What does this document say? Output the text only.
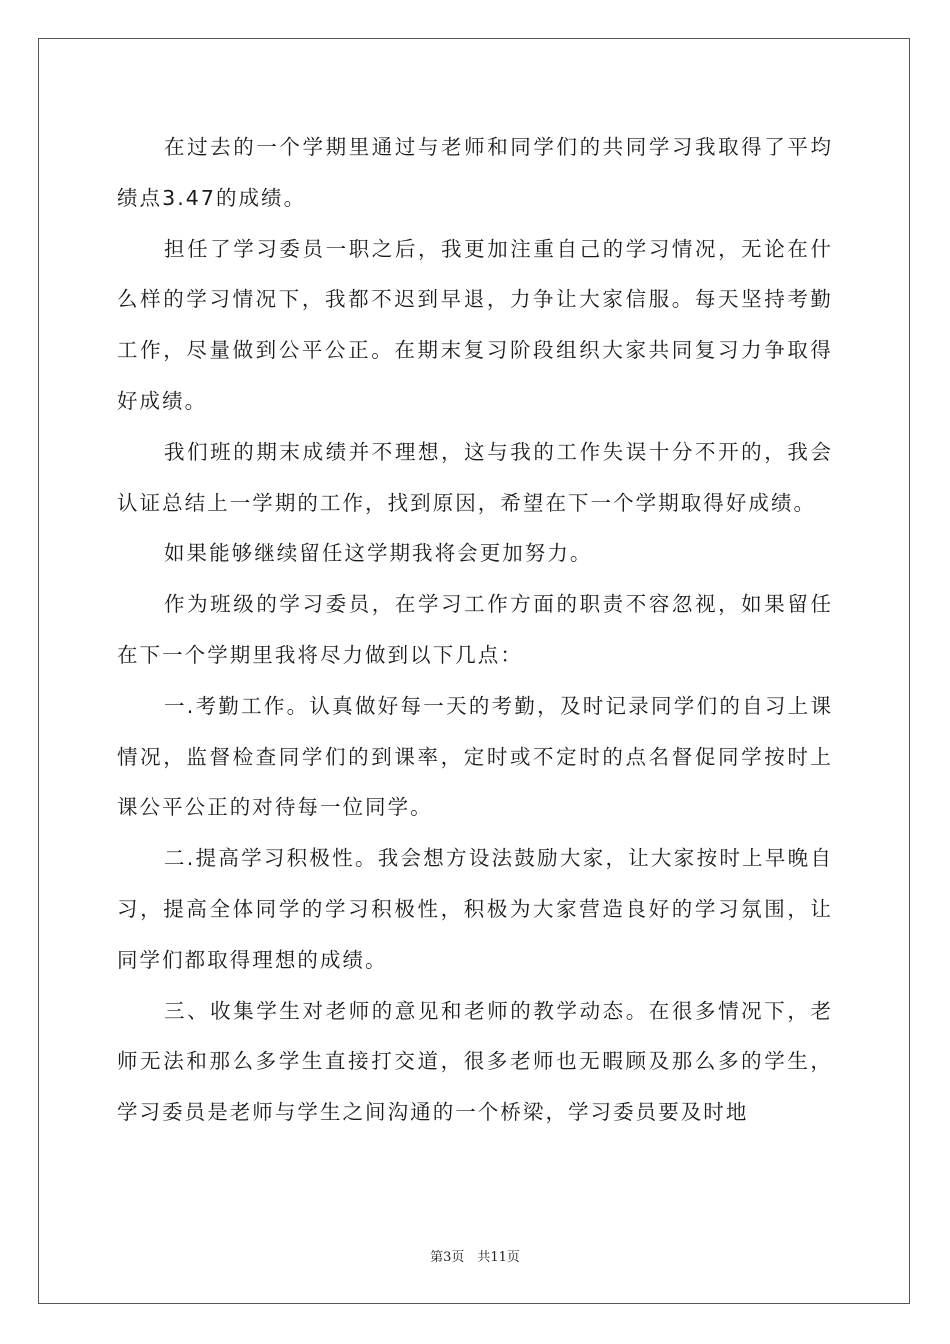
在过去的一个学期里通过与老师和同学们的共同学习我取得了平均绩点3.47的成绩。

担任了学习委员一职之后，我更加注重自己的学习情况，无论在什么样的学习情况下，我都不迟到早退，力争让大家信服。每天坚持考勤工作，尽量做到公平公正。在期末复习阶段组织大家共同复习力争取得好成绩。

我们班的期末成绩并不理想，这与我的工作失误十分不开的，我会认证总结上一学期的工作，找到原因，希望在下一个学期取得好成绩。

如果能够继续留任这学期我将会更加努力。

作为班级的学习委员，在学习工作方面的职责不容忽视，如果留任在下一个学期里我将尽力做到以下几点：

一.考勤工作。认真做好每一天的考勤，及时记录同学们的自习上课情况，监督检查同学们的到课率，定时或不定时的点名督促同学按时上课公平公正的对待每一位同学。

二.提高学习积极性。我会想方设法鼓励大家，让大家按时上早晚自习，提高全体同学的学习积极性，积极为大家营造良好的学习氛围，让同学们都取得理想的成绩。

三、收集学生对老师的意见和老师的教学动态。在很多情况下，老师无法和那么多学生直接打交道，很多老师也无暇顾及那么多的学生，学习委员是老师与学生之间沟通的一个桥梁，学习委员要及时地

第3页　共11页
